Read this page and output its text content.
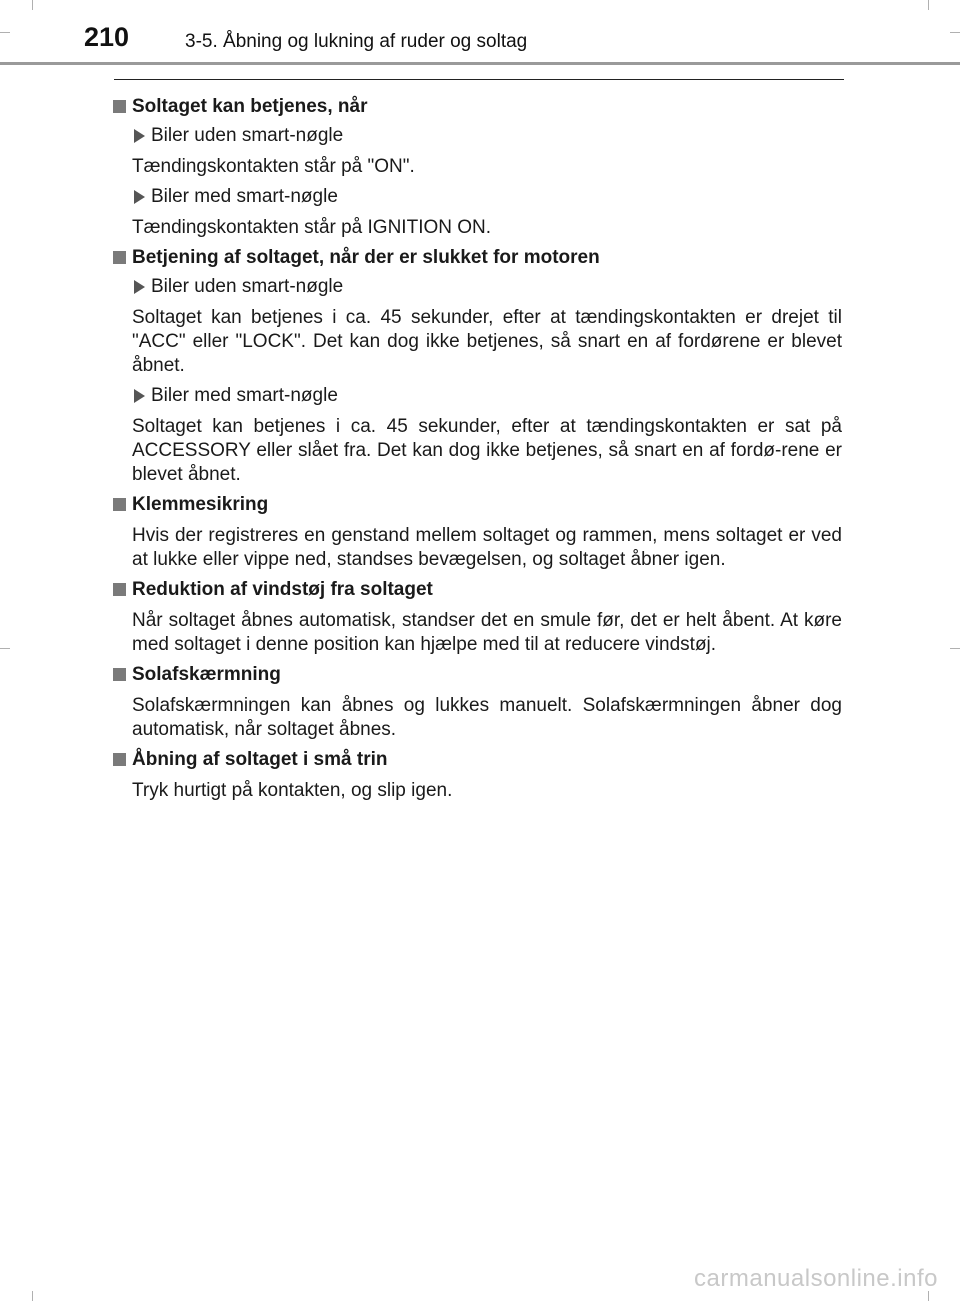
210	3-5. Åbning og lukning af ruder og soltag
Soltaget kan betjenes, når
Biler uden smart-nøgle
Tændingskontakten står på "ON".
Biler med smart-nøgle
Tændingskontakten står på IGNITION ON.
Betjening af soltaget, når der er slukket for motoren
Biler uden smart-nøgle
Soltaget kan betjenes i ca. 45 sekunder, efter at tændingskontakten er drejet til "ACC" eller "LOCK". Det kan dog ikke betjenes, så snart en af fordørene er blevet åbnet.
Biler med smart-nøgle
Soltaget kan betjenes i ca. 45 sekunder, efter at tændingskontakten er sat på ACCESSORY eller slået fra. Det kan dog ikke betjenes, så snart en af fordø-rene er blevet åbnet.
Klemmesikring
Hvis der registreres en genstand mellem soltaget og rammen, mens soltaget er ved at lukke eller vippe ned, standses bevægelsen, og soltaget åbner igen.
Reduktion af vindstøj fra soltaget
Når soltaget åbnes automatisk, standser det en smule før, det er helt åbent. At køre med soltaget i denne position kan hjælpe med til at reducere vindstøj.
Solafskærmning
Solafskærmningen kan åbnes og lukkes manuelt. Solafskærmningen åbner dog automatisk, når soltaget åbnes.
Åbning af soltaget i små trin
Tryk hurtigt på kontakten, og slip igen.
carmanualsonline.info
